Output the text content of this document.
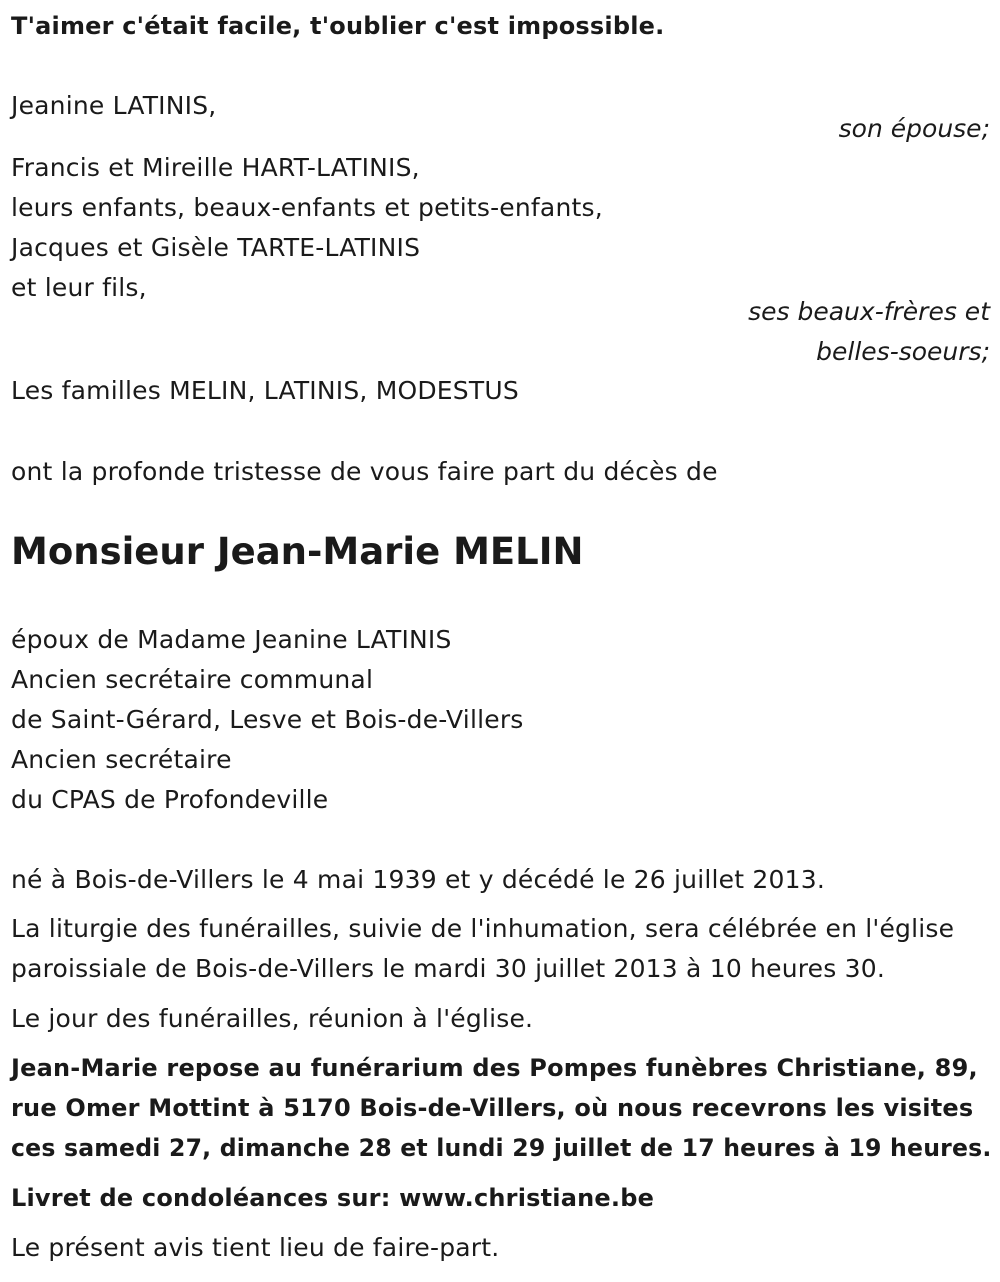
T'aimer c'était facile, t'oublier c'est impossible.
Jeanine LATINIS,
son épouse;
Francis et Mireille HART-LATINIS,
leurs enfants, beaux-enfants et petits-enfants,
Jacques et Gisèle TARTE-LATINIS
et leur fils,
ses beaux-frères et
belles-soeurs;
Les familles MELIN, LATINIS, MODESTUS
ont la profonde tristesse de vous faire part du décès de
Monsieur Jean-Marie MELIN
époux de Madame Jeanine LATINIS
Ancien secrétaire communal
de Saint-Gérard, Lesve et Bois-de-Villers
Ancien secrétaire
du CPAS de Profondeville
né à Bois-de-Villers le 4 mai 1939 et y décédé le 26 juillet 2013.
La liturgie des funérailles, suivie de l'inhumation, sera célébrée en l'église
paroissiale de Bois-de-Villers le mardi 30 juillet 2013 à 10 heures 30.
Le jour des funérailles, réunion à l'église.
Jean-Marie repose au funérarium des Pompes funèbres Christiane, 89,
rue Omer Mottint à 5170 Bois-de-Villers, où nous recevrons les visites
ces samedi 27, dimanche 28 et lundi 29 juillet de 17 heures à 19 heures.
Livret de condoléances sur: www.christiane.be
Le présent avis tient lieu de faire-part.
